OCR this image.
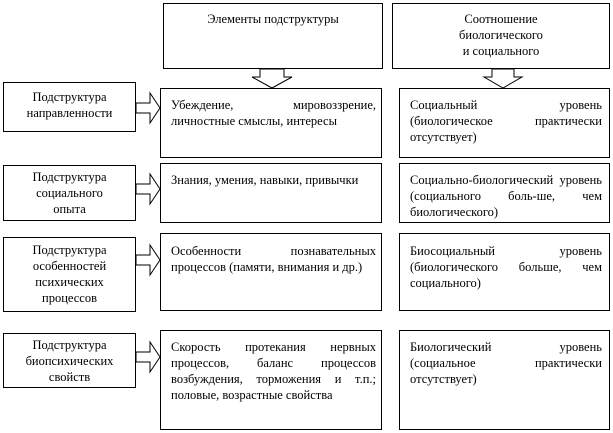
Элементы подструктуры	Соотношение
биологического
и социального
Подструктура
направленности
Убеждение, мировоззрение, личностные смыслы, интересы
Социальный уровень (биологическое практически отсутствует)
Подструктура
социального
опыта
Знания, умения, навыки, привычки	Социально-биологический уровень (социального боль-ше, чем биологического)
Подструктура
особенностей
психических
процессов
Особенности познавательных процессов (памяти, внимания и др.)
Биосоциальный уровень (биологического больше, чем социального)
Подструктура
биопсихических
свойств
Скорость протекания нервных процессов, баланс процессов возбуждения, торможения и т.п.; половые, возрастные свойства
Биологический уровень (социальное практически отсутствует)
